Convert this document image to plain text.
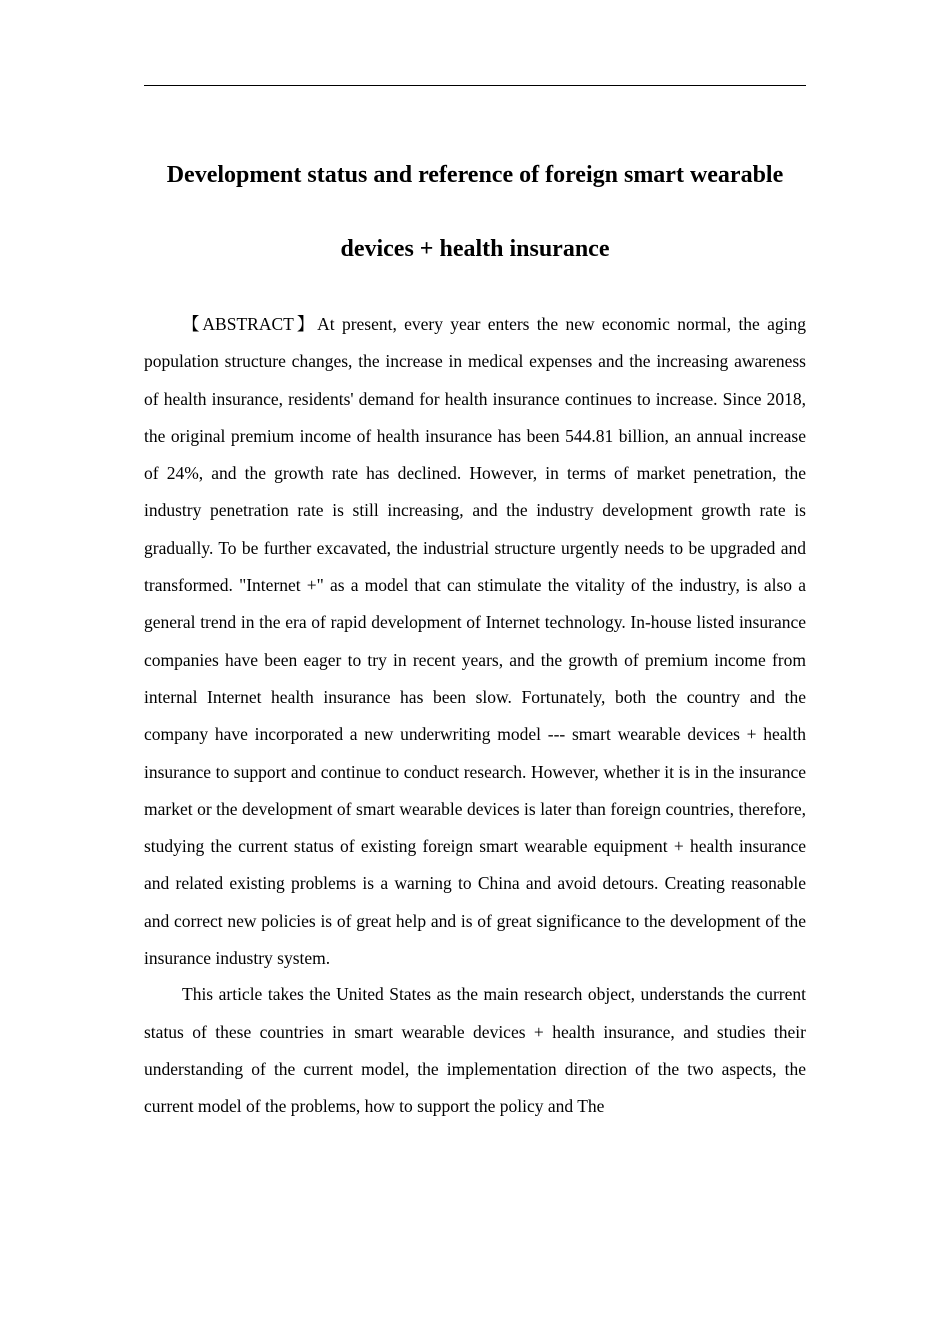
Development status and reference of foreign smart wearable devices + health insurance

【ABSTRACT】At present, every year enters the new economic normal, the aging population structure changes, the increase in medical expenses and the increasing awareness of health insurance, residents' demand for health insurance continues to increase. Since 2018, the original premium income of health insurance has been 544.81 billion, an annual increase of 24%, and the growth rate has declined. However, in terms of market penetration, the industry penetration rate is still increasing, and the industry development growth rate is gradually. To be further excavated, the industrial structure urgently needs to be upgraded and transformed. "Internet +" as a model that can stimulate the vitality of the industry, is also a general trend in the era of rapid development of Internet technology. In-house listed insurance companies have been eager to try in recent years, and the growth of premium income from internal Internet health insurance has been slow. Fortunately, both the country and the company have incorporated a new underwriting model --- smart wearable devices + health insurance to support and continue to conduct research. However, whether it is in the insurance market or the development of smart wearable devices is later than foreign countries, therefore, studying the current status of existing foreign smart wearable equipment + health insurance and related existing problems is a warning to China and avoid detours. Creating reasonable and correct new policies is of great help and is of great significance to the development of the insurance industry system.

This article takes the United States as the main research object, understands the current status of these countries in smart wearable devices + health insurance, and studies their understanding of the current model, the implementation direction of the two aspects, the current model of the problems, how to support the policy and The
